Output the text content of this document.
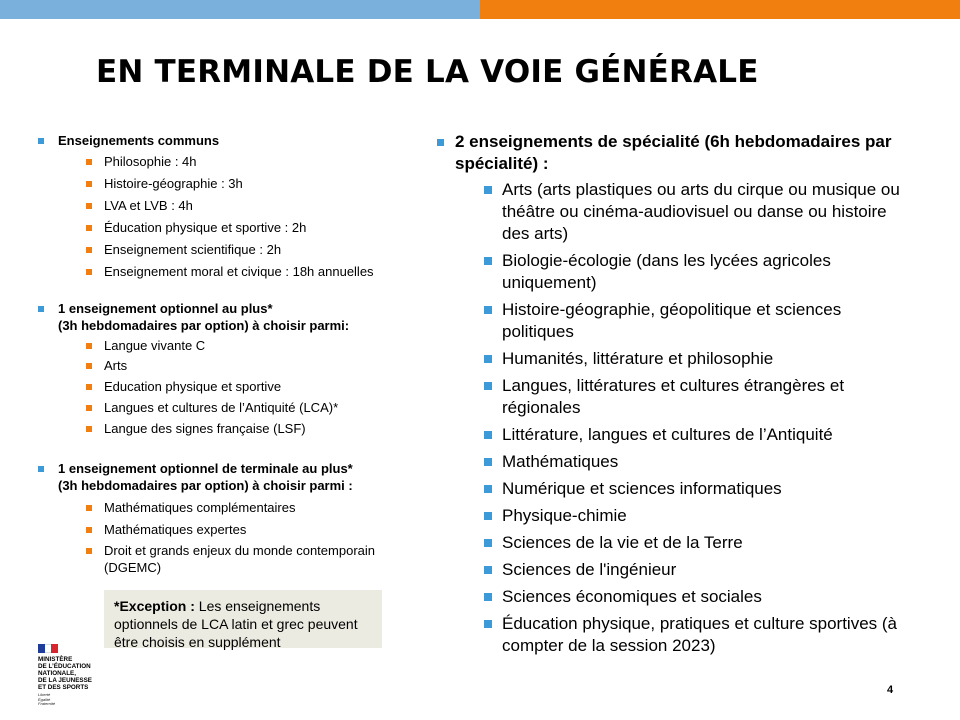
EN TERMINALE DE LA VOIE GÉNÉRALE
Enseignements communs
Philosophie : 4h
Histoire-géographie : 3h
LVA et LVB : 4h
Éducation physique et sportive : 2h
Enseignement scientifique : 2h
Enseignement moral et civique : 18h annuelles
1 enseignement optionnel au plus*
(3h hebdomadaires par option) à choisir parmi:
Langue vivante C
Arts
Education physique et sportive
Langues et cultures de l’Antiquité (LCA)*
Langue des signes française (LSF)
1 enseignement optionnel de terminale au plus*
(3h hebdomadaires par option) à choisir parmi :
Mathématiques complémentaires
Mathématiques expertes
Droit et grands enjeux du monde contemporain (DGEMC)
*Exception : Les enseignements optionnels de LCA latin et grec peuvent être choisis en supplément
2 enseignements de spécialité (6h hebdomadaires par spécialité) :
Arts (arts plastiques ou arts du cirque ou musique ou théâtre ou cinéma-audiovisuel ou danse ou histoire des arts)
Biologie-écologie (dans les lycées agricoles uniquement)
Histoire-géographie, géopolitique et sciences politiques
Humanités, littérature et philosophie
Langues, littératures et cultures étrangères et régionales
Littérature, langues et cultures de l’Antiquité
Mathématiques
Numérique et sciences informatiques
Physique-chimie
Sciences de la vie et de la Terre
Sciences de l'ingénieur
Sciences économiques et sociales
Éducation physique, pratiques et culture sportives (à compter de la session 2023)
MINISTÈRE
DE L’ÉDUCATION
NATIONALE,
DE LA JEUNESSE
ET DES SPORTS
Liberté
Égalité
Fraternité
4
